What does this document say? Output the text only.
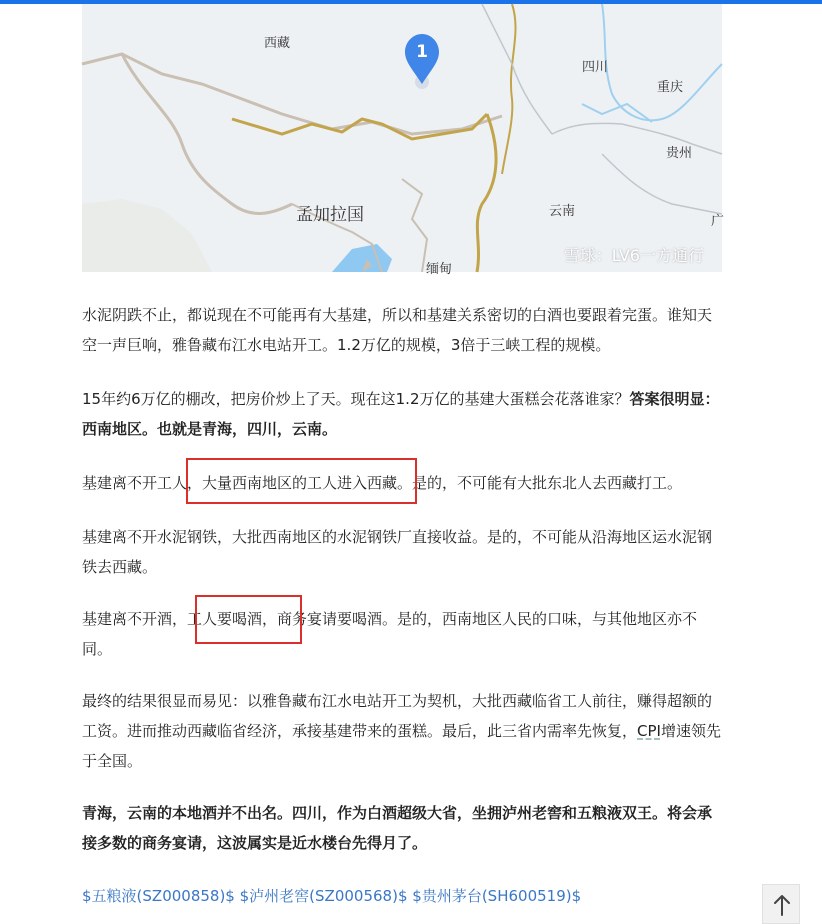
西藏
四川
重庆
贵州
云南
孟加拉国
缅甸
广
1
雪球：LV6一方通行

水泥阴跌不止，都说现在不可能再有大基建，所以和基建关系密切的白酒也要跟着完蛋。谁知天空一声巨响，雅鲁藏布江水电站开工。1.2万亿的规模，3倍于三峡工程的规模。

15年约6万亿的棚改，把房价炒上了天。现在这1.2万亿的基建大蛋糕会花落谁家？答案很明显：西南地区。也就是青海，四川，云南。

基建离不开工人，大量西南地区的工人进入西藏。是的，不可能有大批东北人去西藏打工。

基建离不开水泥钢铁，大批西南地区的水泥钢铁厂直接收益。是的，不可能从沿海地区运水泥钢铁去西藏。

基建离不开酒，工人要喝酒，商务宴请要喝酒。是的，西南地区人民的口味，与其他地区亦不同。

最终的结果很显而易见：以雅鲁藏布江水电站开工为契机，大批西藏临省工人前往，赚得超额的工资。进而推动西藏临省经济，承接基建带来的蛋糕。最后，此三省内需率先恢复，CPI增速领先于全国。

青海，云南的本地酒并不出名。四川，作为白酒超级大省，坐拥泸州老窖和五粮液双王。将会承接多数的商务宴请，这波属实是近水楼台先得月了。

$五粮液(SZ000858)$ $泸州老窖(SZ000568)$ $贵州茅台(SH600519)$
